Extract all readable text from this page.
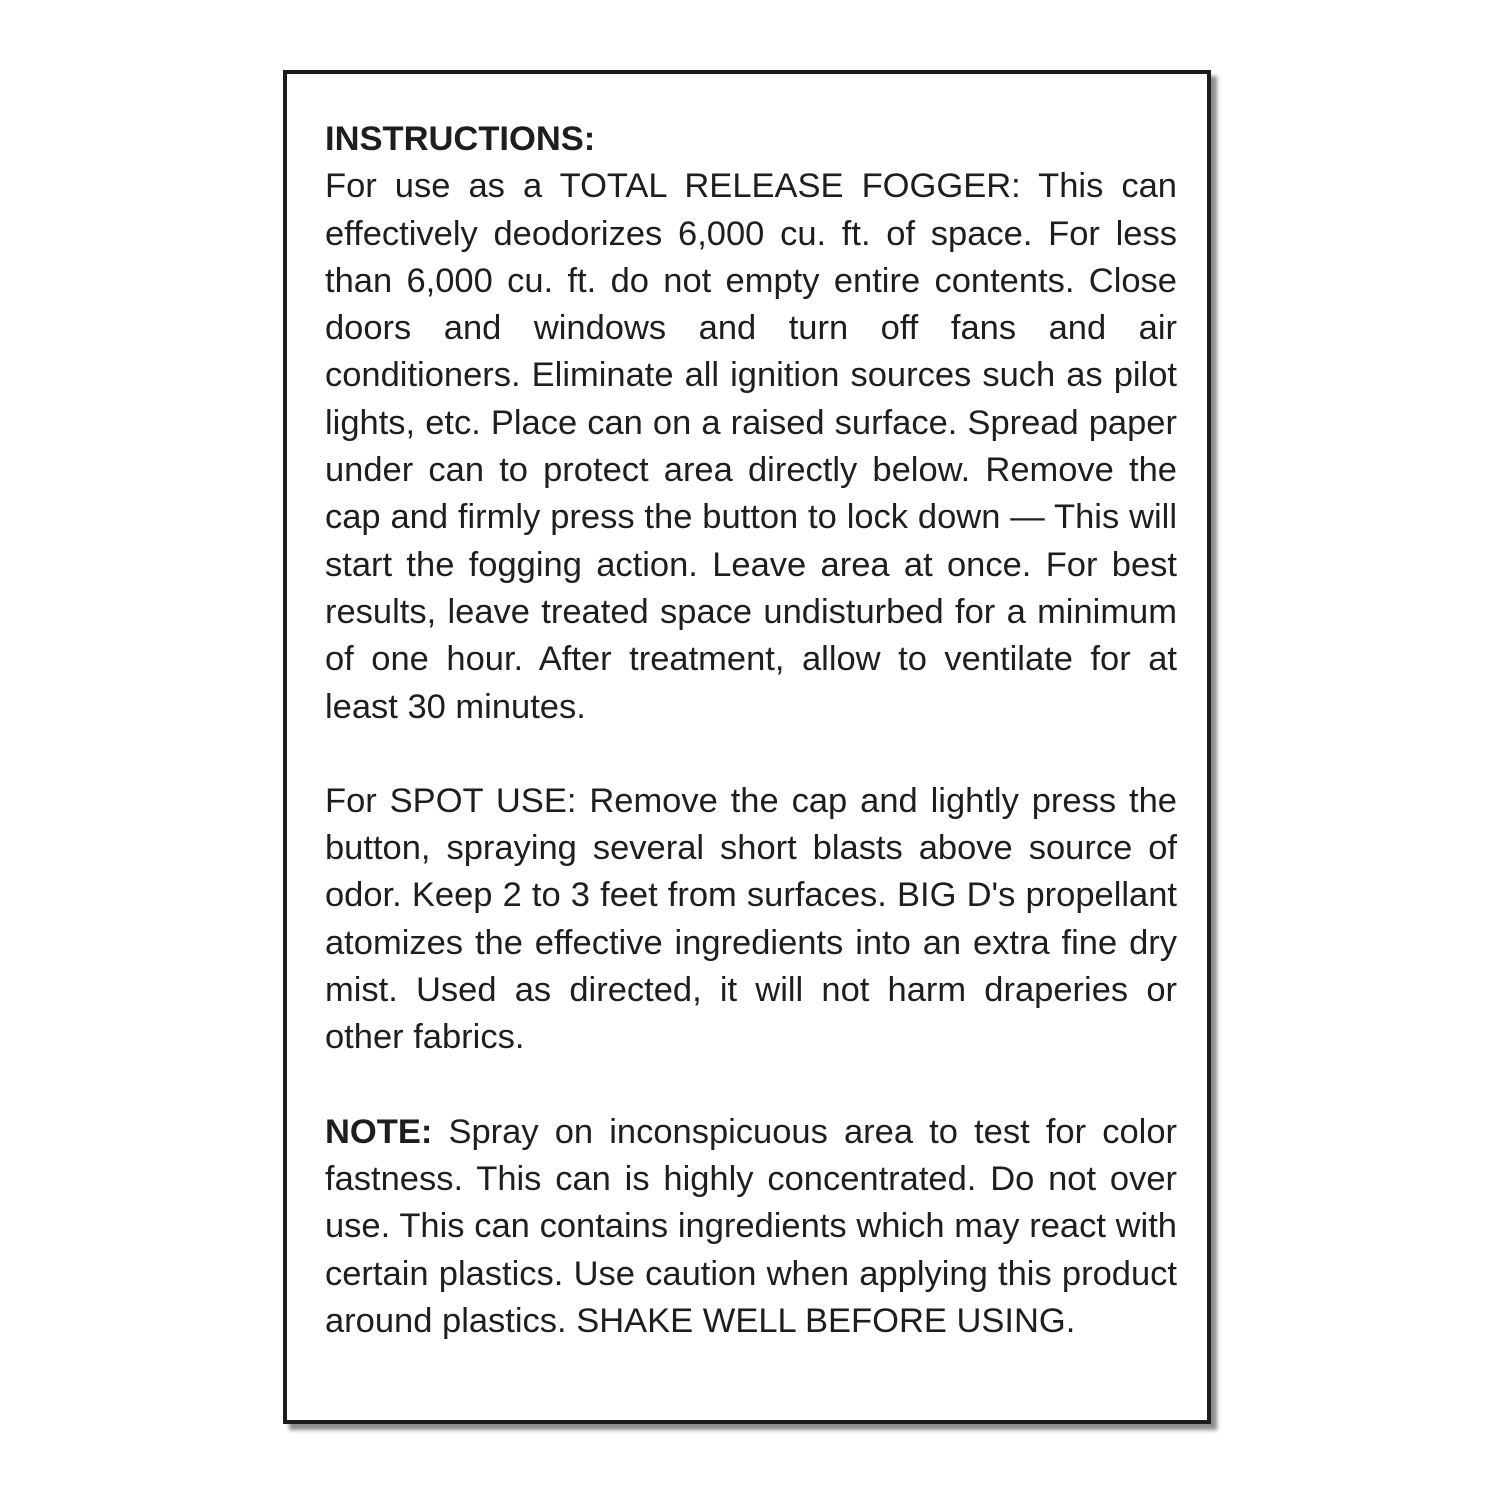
INSTRUCTIONS:

For use as a TOTAL RELEASE FOGGER: This can effectively deodorizes 6,000 cu. ft. of space. For less than 6,000 cu. ft. do not empty entire contents. Close doors and windows and turn off fans and air conditioners. Eliminate all ignition sources such as pilot lights, etc. Place can on a raised surface. Spread paper under can to protect area directly below. Remove the cap and firmly press the button to lock down — This will start the fogging action. Leave area at once. For best results, leave treated space undisturbed for a minimum of one hour. After treatment, allow to ventilate for at least 30 minutes.

For SPOT USE: Remove the cap and lightly press the button, spraying several short blasts above source of odor. Keep 2 to 3 feet from surfaces. BIG D's propellant atomizes the effective ingredients into an extra fine dry mist. Used as directed, it will not harm draperies or other fabrics.

NOTE: Spray on inconspicuous area to test for color fastness. This can is highly concentrated. Do not over use. This can contains ingredients which may react with certain plastics. Use caution when applying this product around plastics. SHAKE WELL BEFORE USING.
